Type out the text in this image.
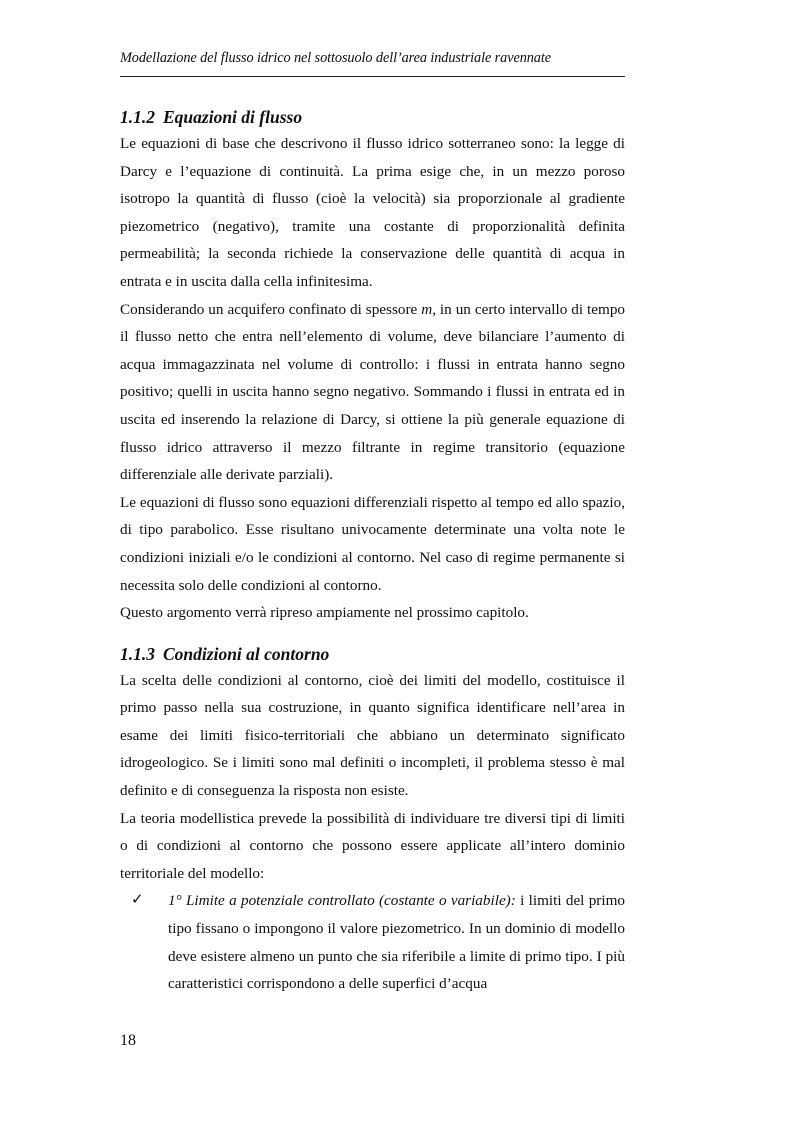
Modellazione del flusso idrico nel sottosuolo dell’area industriale ravennate
1.1.2 Equazioni di flusso

Le equazioni di base che descrivono il flusso idrico sotterraneo sono: la legge di Darcy e l’equazione di continuità. La prima esige che, in un mezzo poroso isotropo la quantità di flusso (cioè la velocità) sia proporzionale al gradiente piezometrico (negativo), tramite una costante di proporzionalità definita permeabilità; la seconda richiede la conservazione delle quantità di acqua in entrata e in uscita dalla cella infinitesima.

Considerando un acquifero confinato di spessore m, in un certo intervallo di tempo il flusso netto che entra nell’elemento di volume, deve bilanciare l’aumento di acqua immagazzinata nel volume di controllo: i flussi in entrata hanno segno positivo; quelli in uscita hanno segno negativo. Sommando i flussi in entrata ed in uscita ed inserendo la relazione di Darcy, si ottiene la più generale equazione di flusso idrico attraverso il mezzo filtrante in regime transitorio (equazione differenziale alle derivate parziali).

Le equazioni di flusso sono equazioni differenziali rispetto al tempo ed allo spazio, di tipo parabolico. Esse risultano univocamente determinate una volta note le condizioni iniziali e/o le condizioni al contorno. Nel caso di regime permanente si necessita solo delle condizioni al contorno.

Questo argomento verrà ripreso ampiamente nel prossimo capitolo.

1.1.3 Condizioni al contorno

La scelta delle condizioni al contorno, cioè dei limiti del modello, costituisce il primo passo nella sua costruzione, in quanto significa identificare nell’area in esame dei limiti fisico-territoriali che abbiano un determinato significato idrogeologico. Se i limiti sono mal definiti o incompleti, il problema stesso è mal definito e di conseguenza la risposta non esiste.

La teoria modellistica prevede la possibilità di individuare tre diversi tipi di limiti o di condizioni al contorno che possono essere applicate all’intero dominio territoriale del modello:

✓ 1° Limite a potenziale controllato (costante o variabile): i limiti del primo tipo fissano o impongono il valore piezometrico. In un dominio di modello deve esistere almeno un punto che sia riferibile a limite di primo tipo. I più caratteristici corrispondono a delle superfici d’acqua

18
